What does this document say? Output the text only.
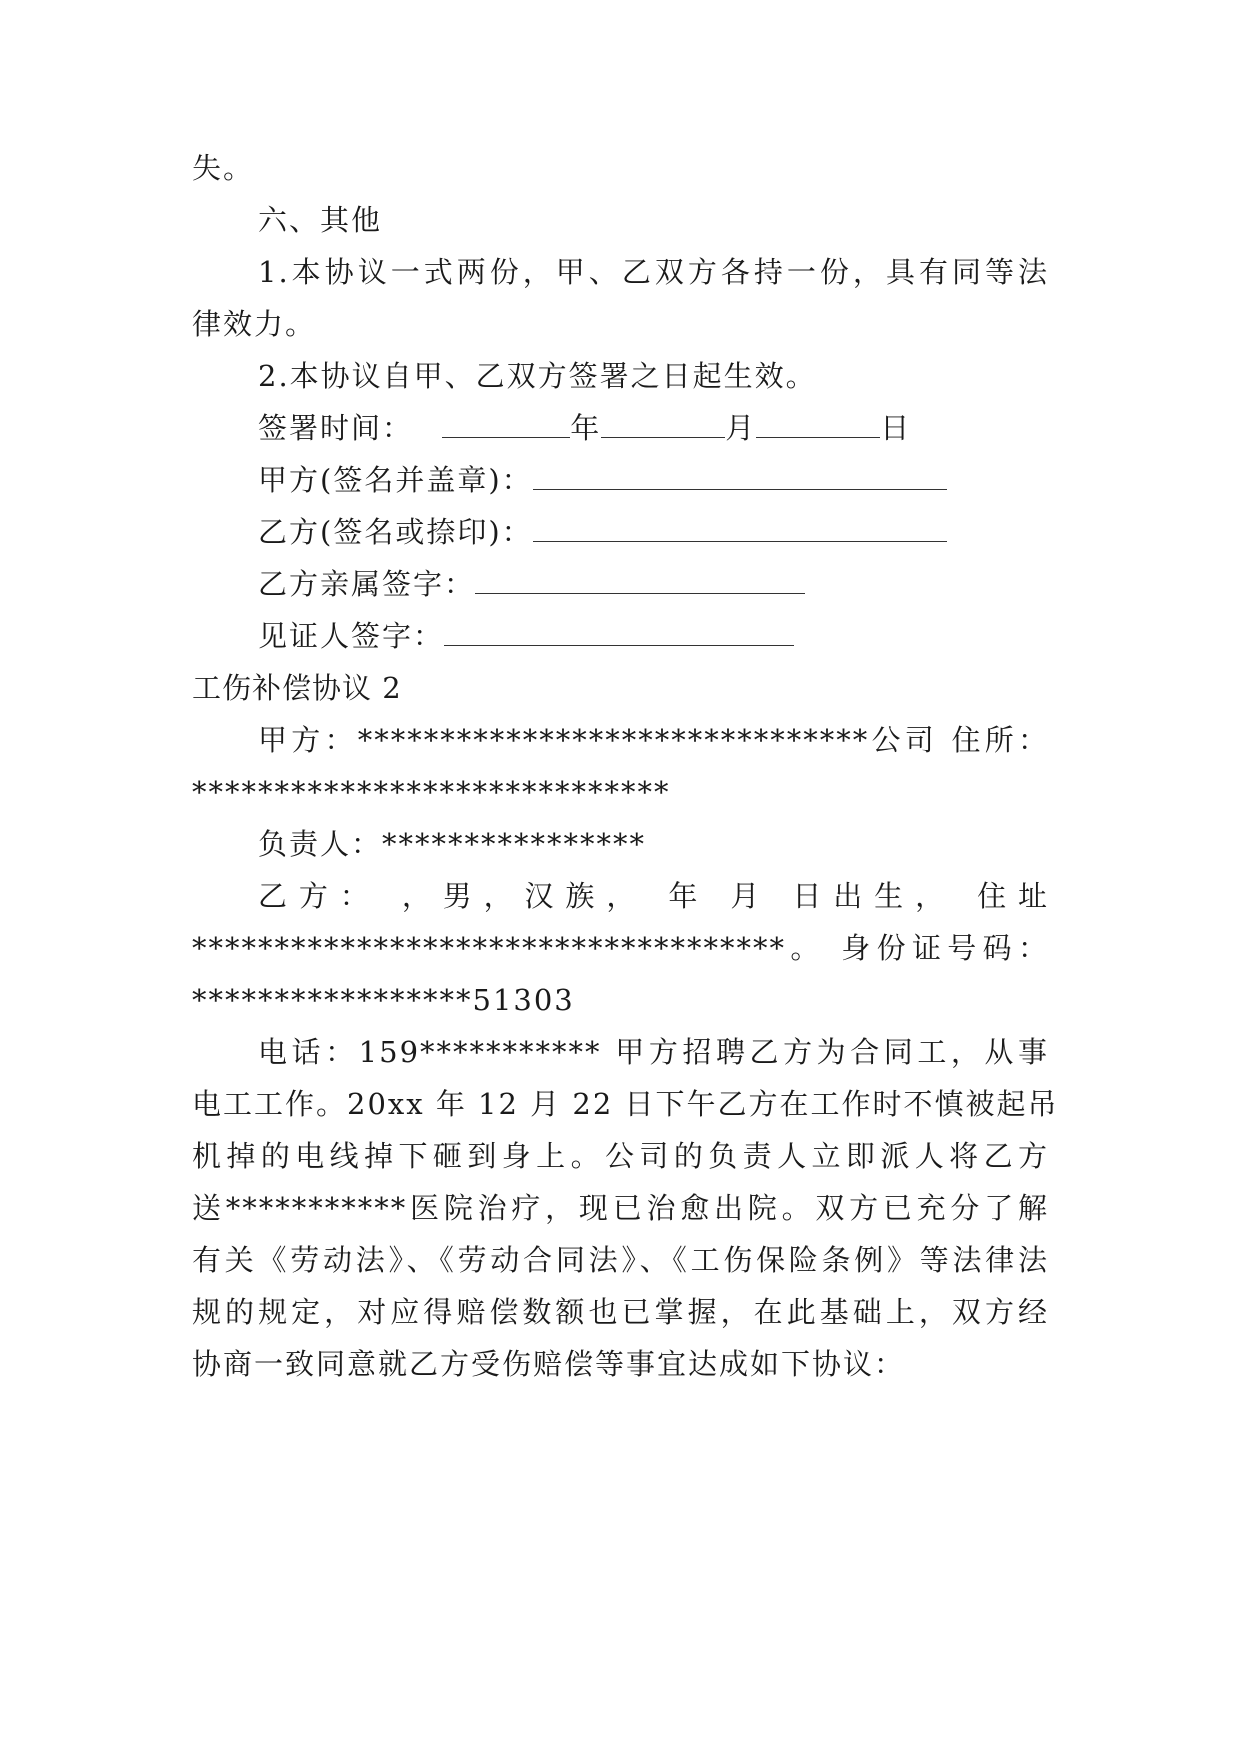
失。
六、其他
1.本协议一式两份，甲、乙双方各持一份，具有同等法
律效力。
2.本协议自甲、乙双方签署之日起生效。
签署时间：	年	月	日
甲方(签名并盖章)：
乙方(签名或捺印)：
乙方亲属签字：
见证人签字：
工伤补偿协议 2
甲方：*******************************公司 住所：
*****************************
负责人：****************
乙方： ，男，汉族， 年 月 日出生， 住址
************************************。 身份证号码：
*****************51303
电话：159*********** 甲方招聘乙方为合同工，从事
电工工作。20xx 年 12 月 22 日下午乙方在工作时不慎被起吊
机掉的电线掉下砸到身上。公司的负责人立即派人将乙方
送***********医院治疗，现已治愈出院。双方已充分了解
有关《劳动法》、《劳动合同法》、《工伤保险条例》等法律法
规的规定，对应得赔偿数额也已掌握，在此基础上，双方经
协商一致同意就乙方受伤赔偿等事宜达成如下协议：
